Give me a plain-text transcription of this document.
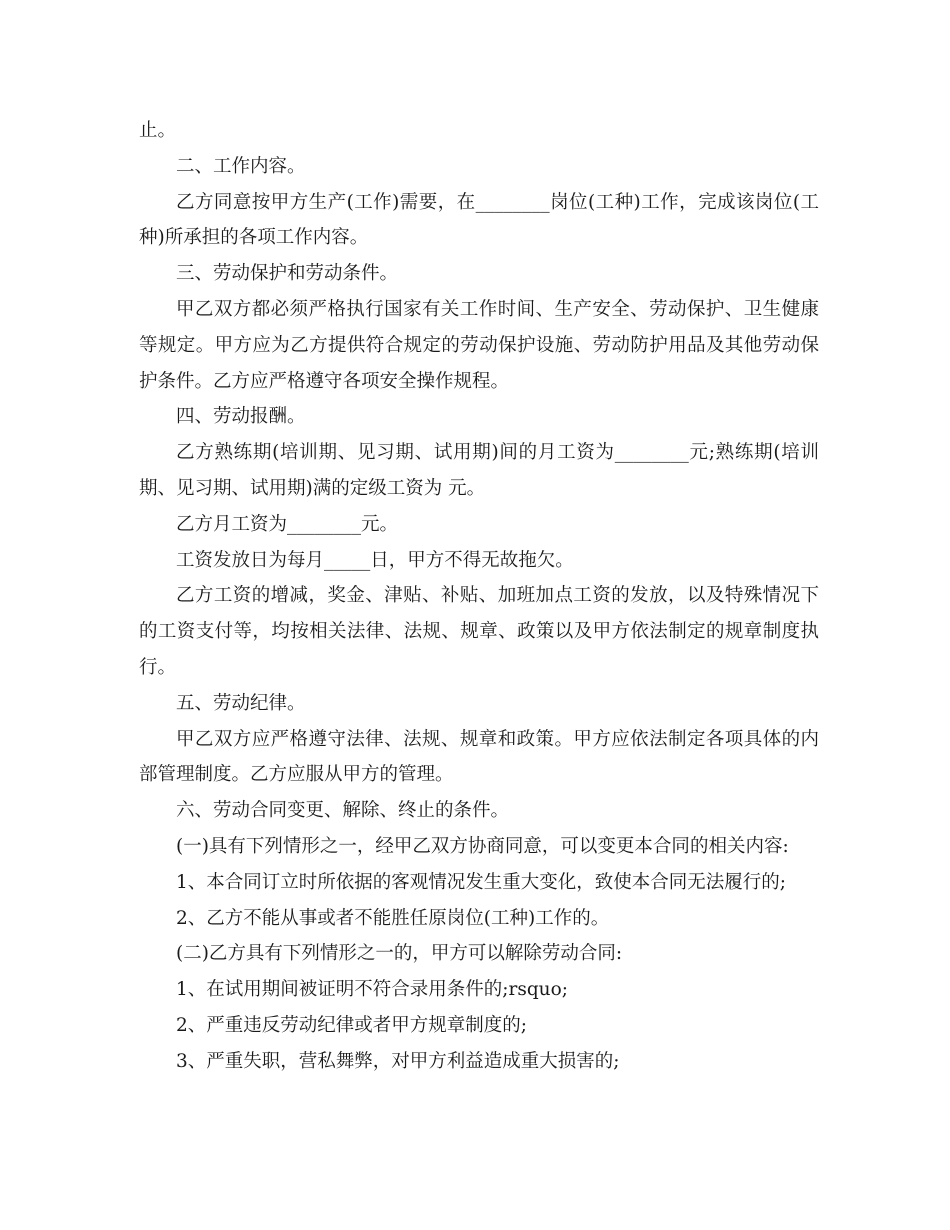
止。

二、工作内容。

乙方同意按甲方生产(工作)需要，在________岗位(工种)工作，完成该岗位(工种)所承担的各项工作内容。

三、劳动保护和劳动条件。

甲乙双方都必须严格执行国家有关工作时间、生产安全、劳动保护、卫生健康等规定。甲方应为乙方提供符合规定的劳动保护设施、劳动防护用品及其他劳动保护条件。乙方应严格遵守各项安全操作规程。

四、劳动报酬。

乙方熟练期(培训期、见习期、试用期)间的月工资为________元;熟练期(培训期、见习期、试用期)满的定级工资为 元。

乙方月工资为________元。

工资发放日为每月_____日，甲方不得无故拖欠。

乙方工资的增减，奖金、津贴、补贴、加班加点工资的发放，以及特殊情况下的工资支付等，均按相关法律、法规、规章、政策以及甲方依法制定的规章制度执行。

五、劳动纪律。

甲乙双方应严格遵守法律、法规、规章和政策。甲方应依法制定各项具体的内部管理制度。乙方应服从甲方的管理。

六、劳动合同变更、解除、终止的条件。

(一)具有下列情形之一，经甲乙双方协商同意，可以变更本合同的相关内容:

1、本合同订立时所依据的客观情况发生重大变化，致使本合同无法履行的;

2、乙方不能从事或者不能胜任原岗位(工种)工作的。

(二)乙方具有下列情形之一的，甲方可以解除劳动合同:

1、在试用期间被证明不符合录用条件的;rsquo;

2、严重违反劳动纪律或者甲方规章制度的;

3、严重失职，营私舞弊，对甲方利益造成重大损害的;
